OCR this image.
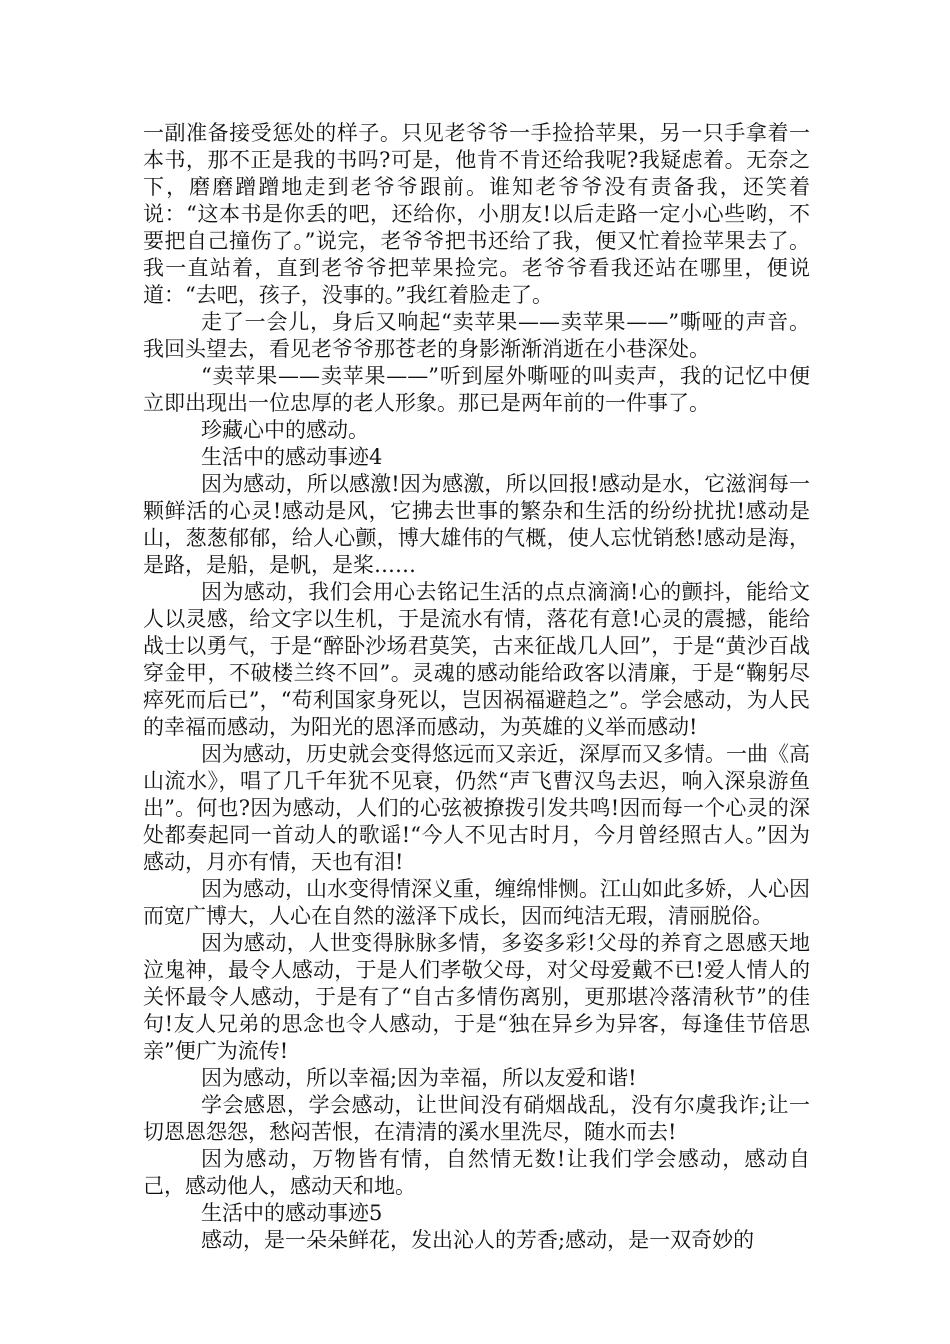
一副准备接受惩处的样子。只见老爷爷一手捡拾苹果，另一只手拿着一本书，那不正是我的书吗?可是，他肯不肯还给我呢?我疑虑着。无奈之下，磨磨蹭蹭地走到老爷爷跟前。谁知老爷爷没有责备我，还笑着说：“这本书是你丢的吧，还给你，小朋友!以后走路一定小心些哟，不要把自己撞伤了。”说完，老爷爷把书还给了我，便又忙着捡苹果去了。我一直站着，直到老爷爷把苹果捡完。老爷爷看我还站在哪里，便说道：“去吧，孩子，没事的。”我红着脸走了。

走了一会儿，身后又响起“卖苹果——卖苹果——”嘶哑的声音。我回头望去，看见老爷爷那苍老的身影渐渐消逝在小巷深处。

“卖苹果——卖苹果——”听到屋外嘶哑的叫卖声，我的记忆中便立即出现出一位忠厚的老人形象。那已是两年前的一件事了。

珍藏心中的感动。

生活中的感动事迹4

因为感动，所以感激!因为感激，所以回报!感动是水，它滋润每一颗鲜活的心灵!感动是风，它拂去世事的繁杂和生活的纷纷扰扰!感动是山，葱葱郁郁，给人心颤，博大雄伟的气概，使人忘忧销愁!感动是海，是路，是船，是帆，是桨……

因为感动，我们会用心去铭记生活的点点滴滴!心的颤抖，能给文人以灵感，给文字以生机，于是流水有情，落花有意!心灵的震撼，能给战士以勇气，于是“醉卧沙场君莫笑，古来征战几人回”，于是“黄沙百战穿金甲，不破楼兰终不回”。灵魂的感动能给政客以清廉，于是“鞠躬尽瘁死而后已”，“苟利国家身死以，岂因祸福避趋之”。学会感动，为人民的幸福而感动，为阳光的恩泽而感动，为英雄的义举而感动!

因为感动，历史就会变得悠远而又亲近，深厚而又多情。一曲《高山流水》，唱了几千年犹不见衰，仍然“声飞曹汉鸟去迟，响入深泉游鱼出”。何也?因为感动，人们的心弦被撩拨引发共鸣!因而每一个心灵的深处都奏起同一首动人的歌谣!“今人不见古时月，今月曾经照古人。”因为感动，月亦有情，天也有泪!

因为感动，山水变得情深义重，缠绵悱恻。江山如此多娇，人心因而宽广博大，人心在自然的滋泽下成长，因而纯洁无瑕，清丽脱俗。

因为感动，人世变得脉脉多情，多姿多彩!父母的养育之恩感天地泣鬼神，最令人感动，于是人们孝敬父母，对父母爱戴不已!爱人情人的关怀最令人感动，于是有了“自古多情伤离别，更那堪冷落清秋节”的佳句!友人兄弟的思念也令人感动，于是“独在异乡为异客，每逢佳节倍思亲”便广为流传!

因为感动，所以幸福;因为幸福，所以友爱和谐!

学会感恩，学会感动，让世间没有硝烟战乱，没有尔虞我诈;让一切恩恩怨怨，愁闷苦恨，在清清的溪水里洗尽，随水而去!

因为感动，万物皆有情，自然情无数!让我们学会感动，感动自己，感动他人，感动天和地。

生活中的感动事迹5

感动，是一朵朵鲜花，发出沁人的芳香;感动，是一双奇妙的
